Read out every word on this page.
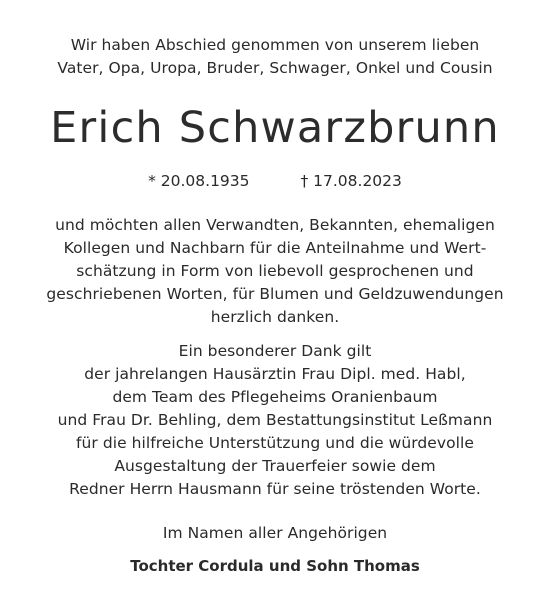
Wir haben Abschied genommen von unserem lieben
Vater, Opa, Uropa, Bruder, Schwager, Onkel und Cousin
Erich Schwarzbrunn
* 20.08.1935	† 17.08.2023
und möchten allen Verwandten, Bekannten, ehemaligen
Kollegen und Nachbarn für die Anteilnahme und Wert-
schätzung in Form von liebevoll gesprochenen und
geschriebenen Worten, für Blumen und Geldzuwendungen
herzlich danken.
Ein besonderer Dank gilt
der jahrelangen Hausärztin Frau Dipl. med. Habl,
dem Team des Pflegeheims Oranienbaum
und Frau Dr. Behling, dem Bestattungsinstitut Leßmann
für die hilfreiche Unterstützung und die würdevolle
Ausgestaltung der Trauerfeier sowie dem
Redner Herrn Hausmann für seine tröstenden Worte.
Im Namen aller Angehörigen
Tochter Cordula und Sohn Thomas
